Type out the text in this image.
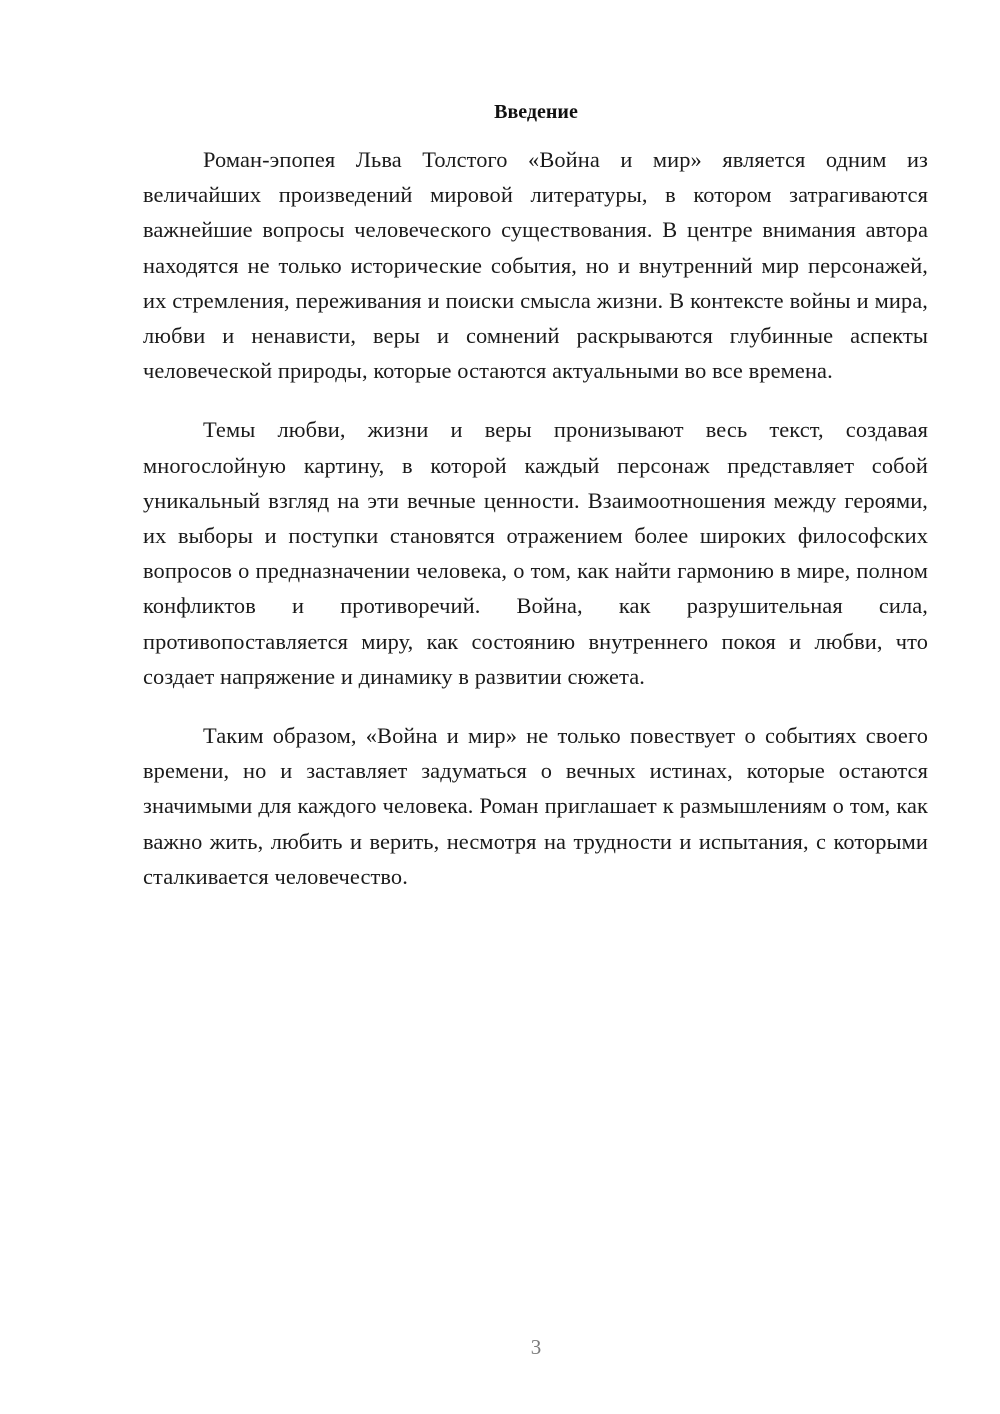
Введение

Роман-эпопея Льва Толстого «Война и мир» является одним из величайших произведений мировой литературы, в котором затрагиваются важнейшие вопросы человеческого существования. В центре внимания автора находятся не только исторические события, но и внутренний мир персонажей, их стремления, переживания и поиски смысла жизни. В контексте войны и мира, любви и ненависти, веры и сомнений раскрываются глубинные аспекты человеческой природы, которые остаются актуальными во все времена.

Темы любви, жизни и веры пронизывают весь текст, создавая многослойную картину, в которой каждый персонаж представляет собой уникальный взгляд на эти вечные ценности. Взаимоотношения между героями, их выборы и поступки становятся отражением более широких философских вопросов о предназначении человека, о том, как найти гармонию в мире, полном конфликтов и противоречий. Война, как разрушительная сила, противопоставляется миру, как состоянию внутреннего покоя и любви, что создает напряжение и динамику в развитии сюжета.

Таким образом, «Война и мир» не только повествует о событиях своего времени, но и заставляет задуматься о вечных истинах, которые остаются значимыми для каждого человека. Роман приглашает к размышлениям о том, как важно жить, любить и верить, несмотря на трудности и испытания, с которыми сталкивается человечество.

3
